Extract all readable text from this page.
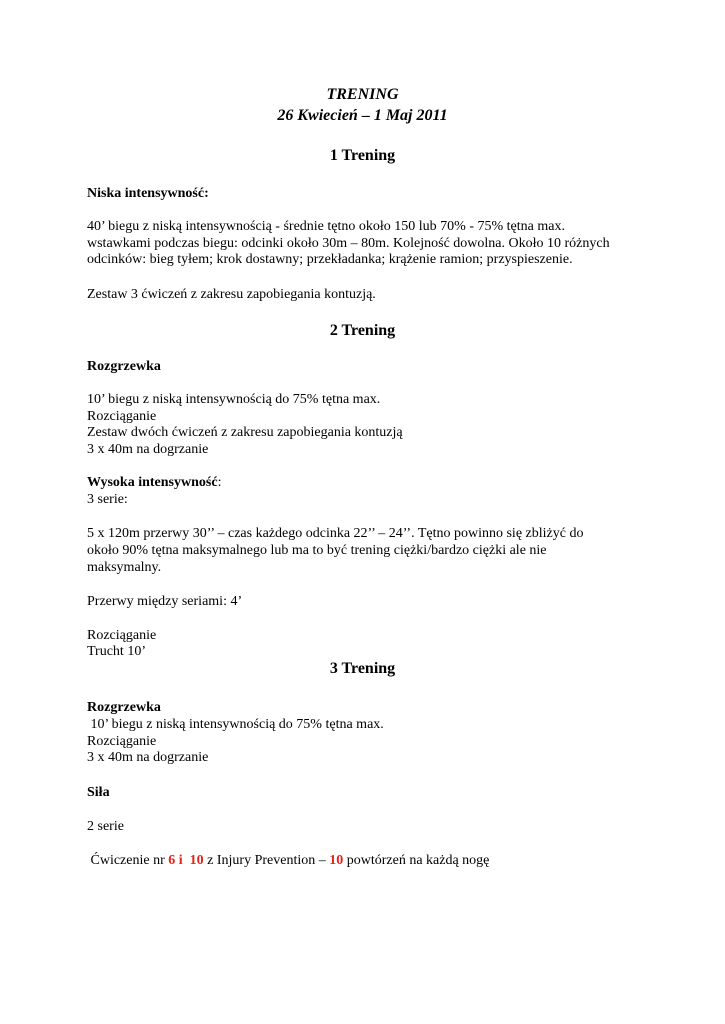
TRENING
26 Kwiecień – 1 Maj 2011
1 Trening
Niska intensywność:
40’ biegu z niską intensywnością - średnie tętno około 150 lub 70% - 75% tętna max.
wstawkami podczas biegu: odcinki około 30m – 80m. Kolejność dowolna. Około 10 różnych
odcinków: bieg tyłem; krok dostawny; przekładanka; krążenie ramion; przyspieszenie.
Zestaw 3 ćwiczeń z zakresu zapobiegania kontuzją.
2 Trening
Rozgrzewka
10’ biegu z niską intensywnością do 75% tętna max.
Rozciąganie
Zestaw dwóch ćwiczeń z zakresu zapobiegania kontuzją
3 x 40m na dogrzanie
Wysoka intensywność:
3 serie:
5 x 120m przerwy 30’’ – czas każdego odcinka 22’’ – 24’’. Tętno powinno się zbliżyć do
około 90% tętna maksymalnego lub ma to być trening ciężki/bardzo ciężki ale nie
maksymalny.
Przerwy między seriami: 4’
Rozciąganie
Trucht 10’
3 Trening
Rozgrzewka
10’ biegu z niską intensywnością do 75% tętna max.
Rozciąganie
3 x 40m na dogrzanie
Siła
2 serie
Ćwiczenie nr 6 i  10 z Injury Prevention – 10 powtórzeń na każdą nogę
